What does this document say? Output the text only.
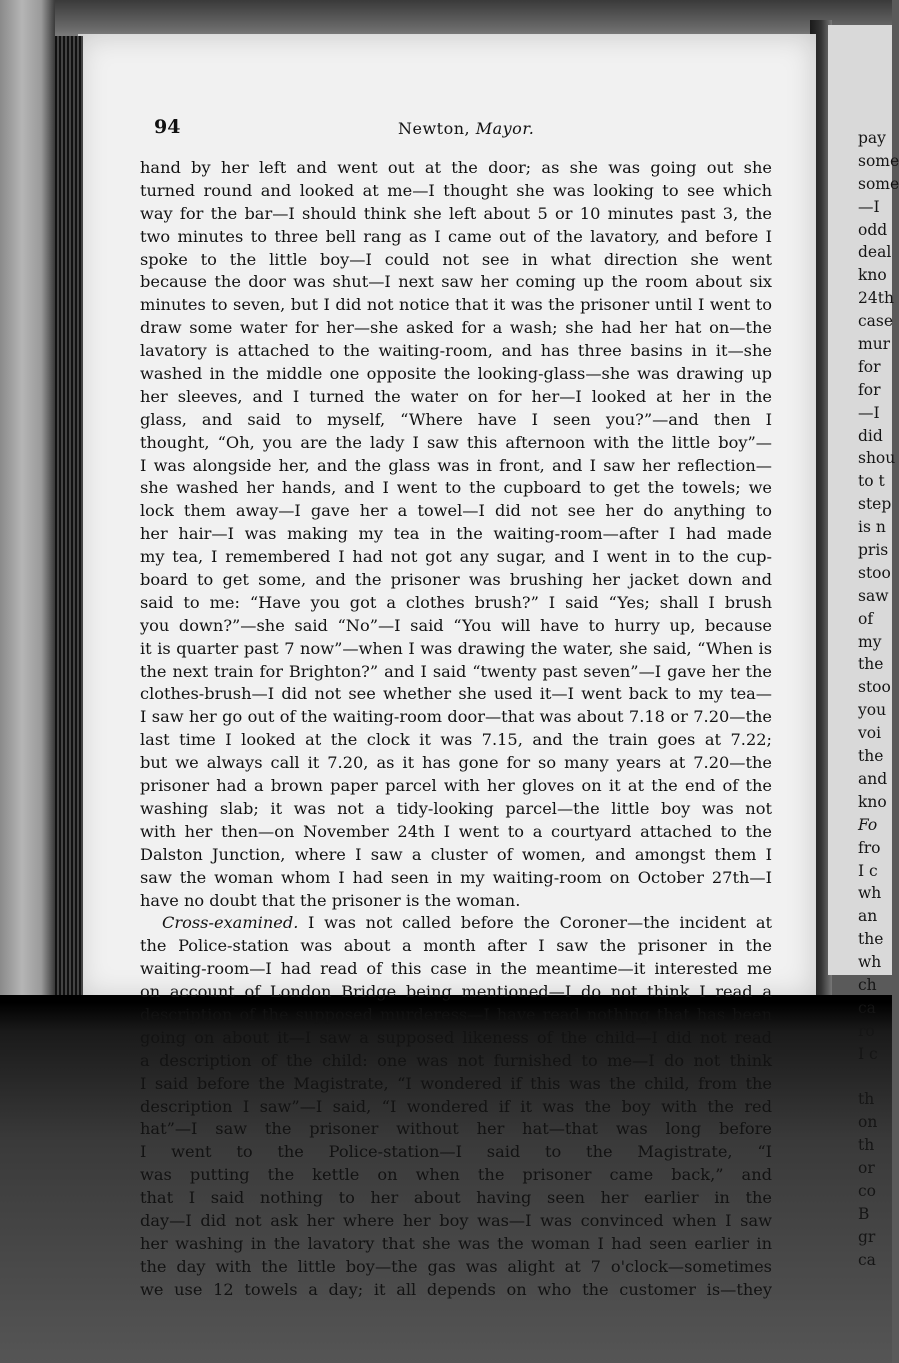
94	Newton, Mayor.
hand by her left and went out at the door; as she was going out she
turned round and looked at me—I thought she was looking to see which
way for the bar—I should think she left about 5 or 10 minutes past 3, the
two minutes to three bell rang as I came out of the lavatory, and before I
spoke to the little boy—I could not see in what direction she went
because the door was shut—I next saw her coming up the room about six
minutes to seven, but I did not notice that it was the prisoner until I went to
draw some water for her—she asked for a wash; she had her hat on—the
lavatory is attached to the waiting-room, and has three basins in it—she
washed in the middle one opposite the looking-glass—she was drawing up
her sleeves, and I turned the water on for her—I looked at her in the
glass, and said to myself, “Where have I seen you?”—and then I
thought, “Oh, you are the lady I saw this afternoon with the little boy”—
I was alongside her, and the glass was in front, and I saw her reflection—
she washed her hands, and I went to the cupboard to get the towels; we
lock them away—I gave her a towel—I did not see her do anything to
her hair—I was making my tea in the waiting-room—after I had made
my tea, I remembered I had not got any sugar, and I went in to the cup-
board to get some, and the prisoner was brushing her jacket down and
said to me: “Have you got a clothes brush?” I said “Yes; shall I brush
you down?”—she said “No”—I said “You will have to hurry up, because
it is quarter past 7 now”—when I was drawing the water, she said, “When is
the next train for Brighton?” and I said “twenty past seven”—I gave her the
clothes-brush—I did not see whether she used it—I went back to my tea—
I saw her go out of the waiting-room door—that was about 7.18 or 7.20—the
last time I looked at the clock it was 7.15, and the train goes at 7.22;
but we always call it 7.20, as it has gone for so many years at 7.20—the
prisoner had a brown paper parcel with her gloves on it at the end of the
washing slab; it was not a tidy-looking parcel—the little boy was not
with her then—on November 24th I went to a courtyard attached to the
Dalston Junction, where I saw a cluster of women, and amongst them I
saw the woman whom I had seen in my waiting-room on October 27th—I
have no doubt that the prisoner is the woman.
Cross-examined. I was not called before the Coroner—the incident at
the Police-station was about a month after I saw the prisoner in the
waiting-room—I had read of this case in the meantime—it interested me
on account of London Bridge being mentioned—I do not think I read a
description of the supposed murderess—I have read nothing that has been
going on about it—I saw a supposed likeness of the child—I did not read
a description of the child: one was not furnished to me—I do not think
I said before the Magistrate, “I wondered if this was the child, from the
description I saw”—I said, “I wondered if it was the boy with the red
hat”—I saw the prisoner without her hat—that was long before
I went to the Police-station—I said to the Magistrate, “I
was putting the kettle on when the prisoner came back,” and
that I said nothing to her about having seen her earlier in the
day—I did not ask her where her boy was—I was convinced when I saw
her washing in the lavatory that she was the woman I had seen earlier in
the day with the little boy—the gas was alight at 7 o'clock—sometimes
we use 12 towels a day; it all depends on who the customer is—they
pay
some
some
—I
odd
deal
kno
24th
case
mur
for
for
—I
did
shou
to t
step
is n
pris
stoo
saw
of
my
the
stoo
you
voi
the
and
kno
Fo
fro
I c
wh
an
the
wh
ch
ca
ro
I c
th
on
th
or
co
B
gr
ca
